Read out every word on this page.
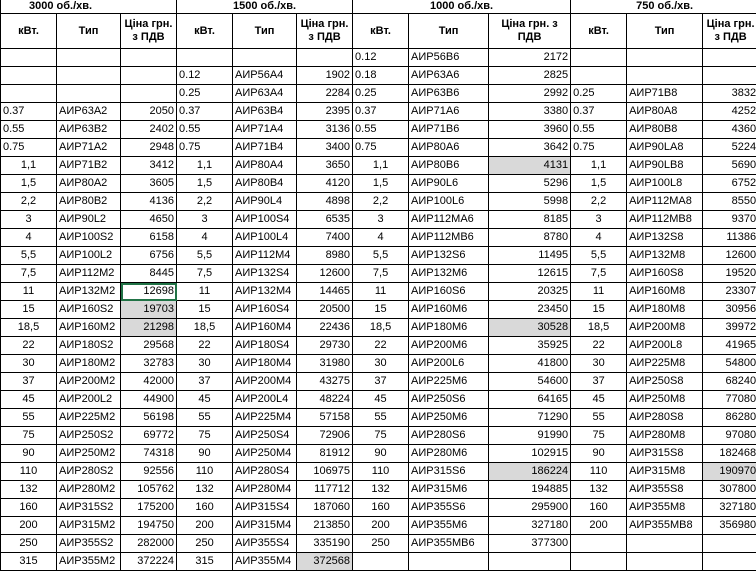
3000 об./хв.			1500 об./хв.			1000 об./хв.			750 об./хв.		
кВт.	Тип	Ціна грн. з ПДВ	кВт.	Тип	Ціна грн. з ПДВ	кВт.	Тип	Ціна грн. з ПДВ	кВт.	Тип	Ціна грн. з ПДВ
						0.12	АИР56В6	2172			
			0.12	АИР56А4	1902	0.18	АИР63А6	2825			
			0.25	АИР63А4	2284	0.25	АИР63В6	2992	0.25	АИР71В8	3832
0.37	АИР63А2	2050	0.37	АИР63В4	2395	0.37	АИР71А6	3380	0.37	АИР80А8	4252
0.55	АИР63В2	2402	0.55	АИР71А4	3136	0.55	АИР71В6	3960	0.55	АИР80В8	4360
0.75	АИР71А2	2948	0.75	АИР71В4	3400	0.75	АИР80А6	3642	0.75	АИР90LA8	5224
1,1	АИР71В2	3412	1,1	АИР80А4	3650	1,1	АИР80В6	4131	1,1	АИР90LВ8	5690
1,5	АИР80А2	3605	1,5	АИР80В4	4120	1,5	АИР90L6	5296	1,5	АИР100L8	6752
2,2	АИР80В2	4136	2,2	АИР90L4	4898	2,2	АИР100L6	5998	2,2	АИР112МА8	8550
3	АИР90L2	4650	3	АИР100S4	6535	3	АИР112МА6	8185	3	АИР112МВ8	9370
4	АИР100S2	6158	4	АИР100L4	7400	4	АИР112МВ6	8780	4	АИР132S8	11386
5,5	АИР100L2	6756	5,5	АИР112М4	8980	5,5	АИР132S6	11495	5,5	АИР132М8	12600
7,5	АИР112М2	8445	7,5	АИР132S4	12600	7,5	АИР132М6	12615	7,5	АИР160S8	19520
11	АИР132М2	12698	11	АИР132М4	14465	11	АИР160S6	20325	11	АИР160М8	23307
15	АИР160S2	19703	15	АИР160S4	20500	15	АИР160М6	23450	15	АИР180М8	30956
18,5	АИР160М2	21298	18,5	АИР160М4	22436	18,5	АИР180М6	30528	18,5	АИР200М8	39972
22	АИР180S2	29568	22	АИР180S4	29730	22	АИР200М6	35925	22	АИР200L8	41965
30	АИР180М2	32783	30	АИР180М4	31980	30	АИР200L6	41800	30	АИР225М8	54800
37	АИР200М2	42000	37	АИР200М4	43275	37	АИР225М6	54600	37	АИР250S8	68240
45	АИР200L2	44900	45	АИР200L4	48224	45	АИР250S6	64165	45	АИР250М8	77080
55	АИР225М2	56198	55	АИР225М4	57158	55	АИР250М6	71290	55	АИР280S8	86280
75	АИР250S2	69772	75	АИР250S4	72906	75	АИР280S6	91990	75	АИР280М8	97080
90	АИР250М2	74318	90	АИР250М4	81912	90	АИР280М6	102915	90	АИР315S8	182468
110	АИР280S2	92556	110	АИР280S4	106975	110	АИР315S6	186224	110	АИР315М8	190970
132	АИР280М2	105762	132	АИР280М4	117712	132	АИР315М6	194885	132	АИР355S8	307800
160	АИР315S2	175200	160	АИР315S4	187060	160	АИР355S6	295900	160	АИР355М8	327180
200	АИР315М2	194750	200	АИР315М4	213850	200	АИР355М6	327180	200	АИР355МВ8	356980
250	АИР355S2	282000	250	АИР355S4	335190	250	АИР355МВ6	377300			
315	АИР355М2	372224	315	АИР355М4	372568						
